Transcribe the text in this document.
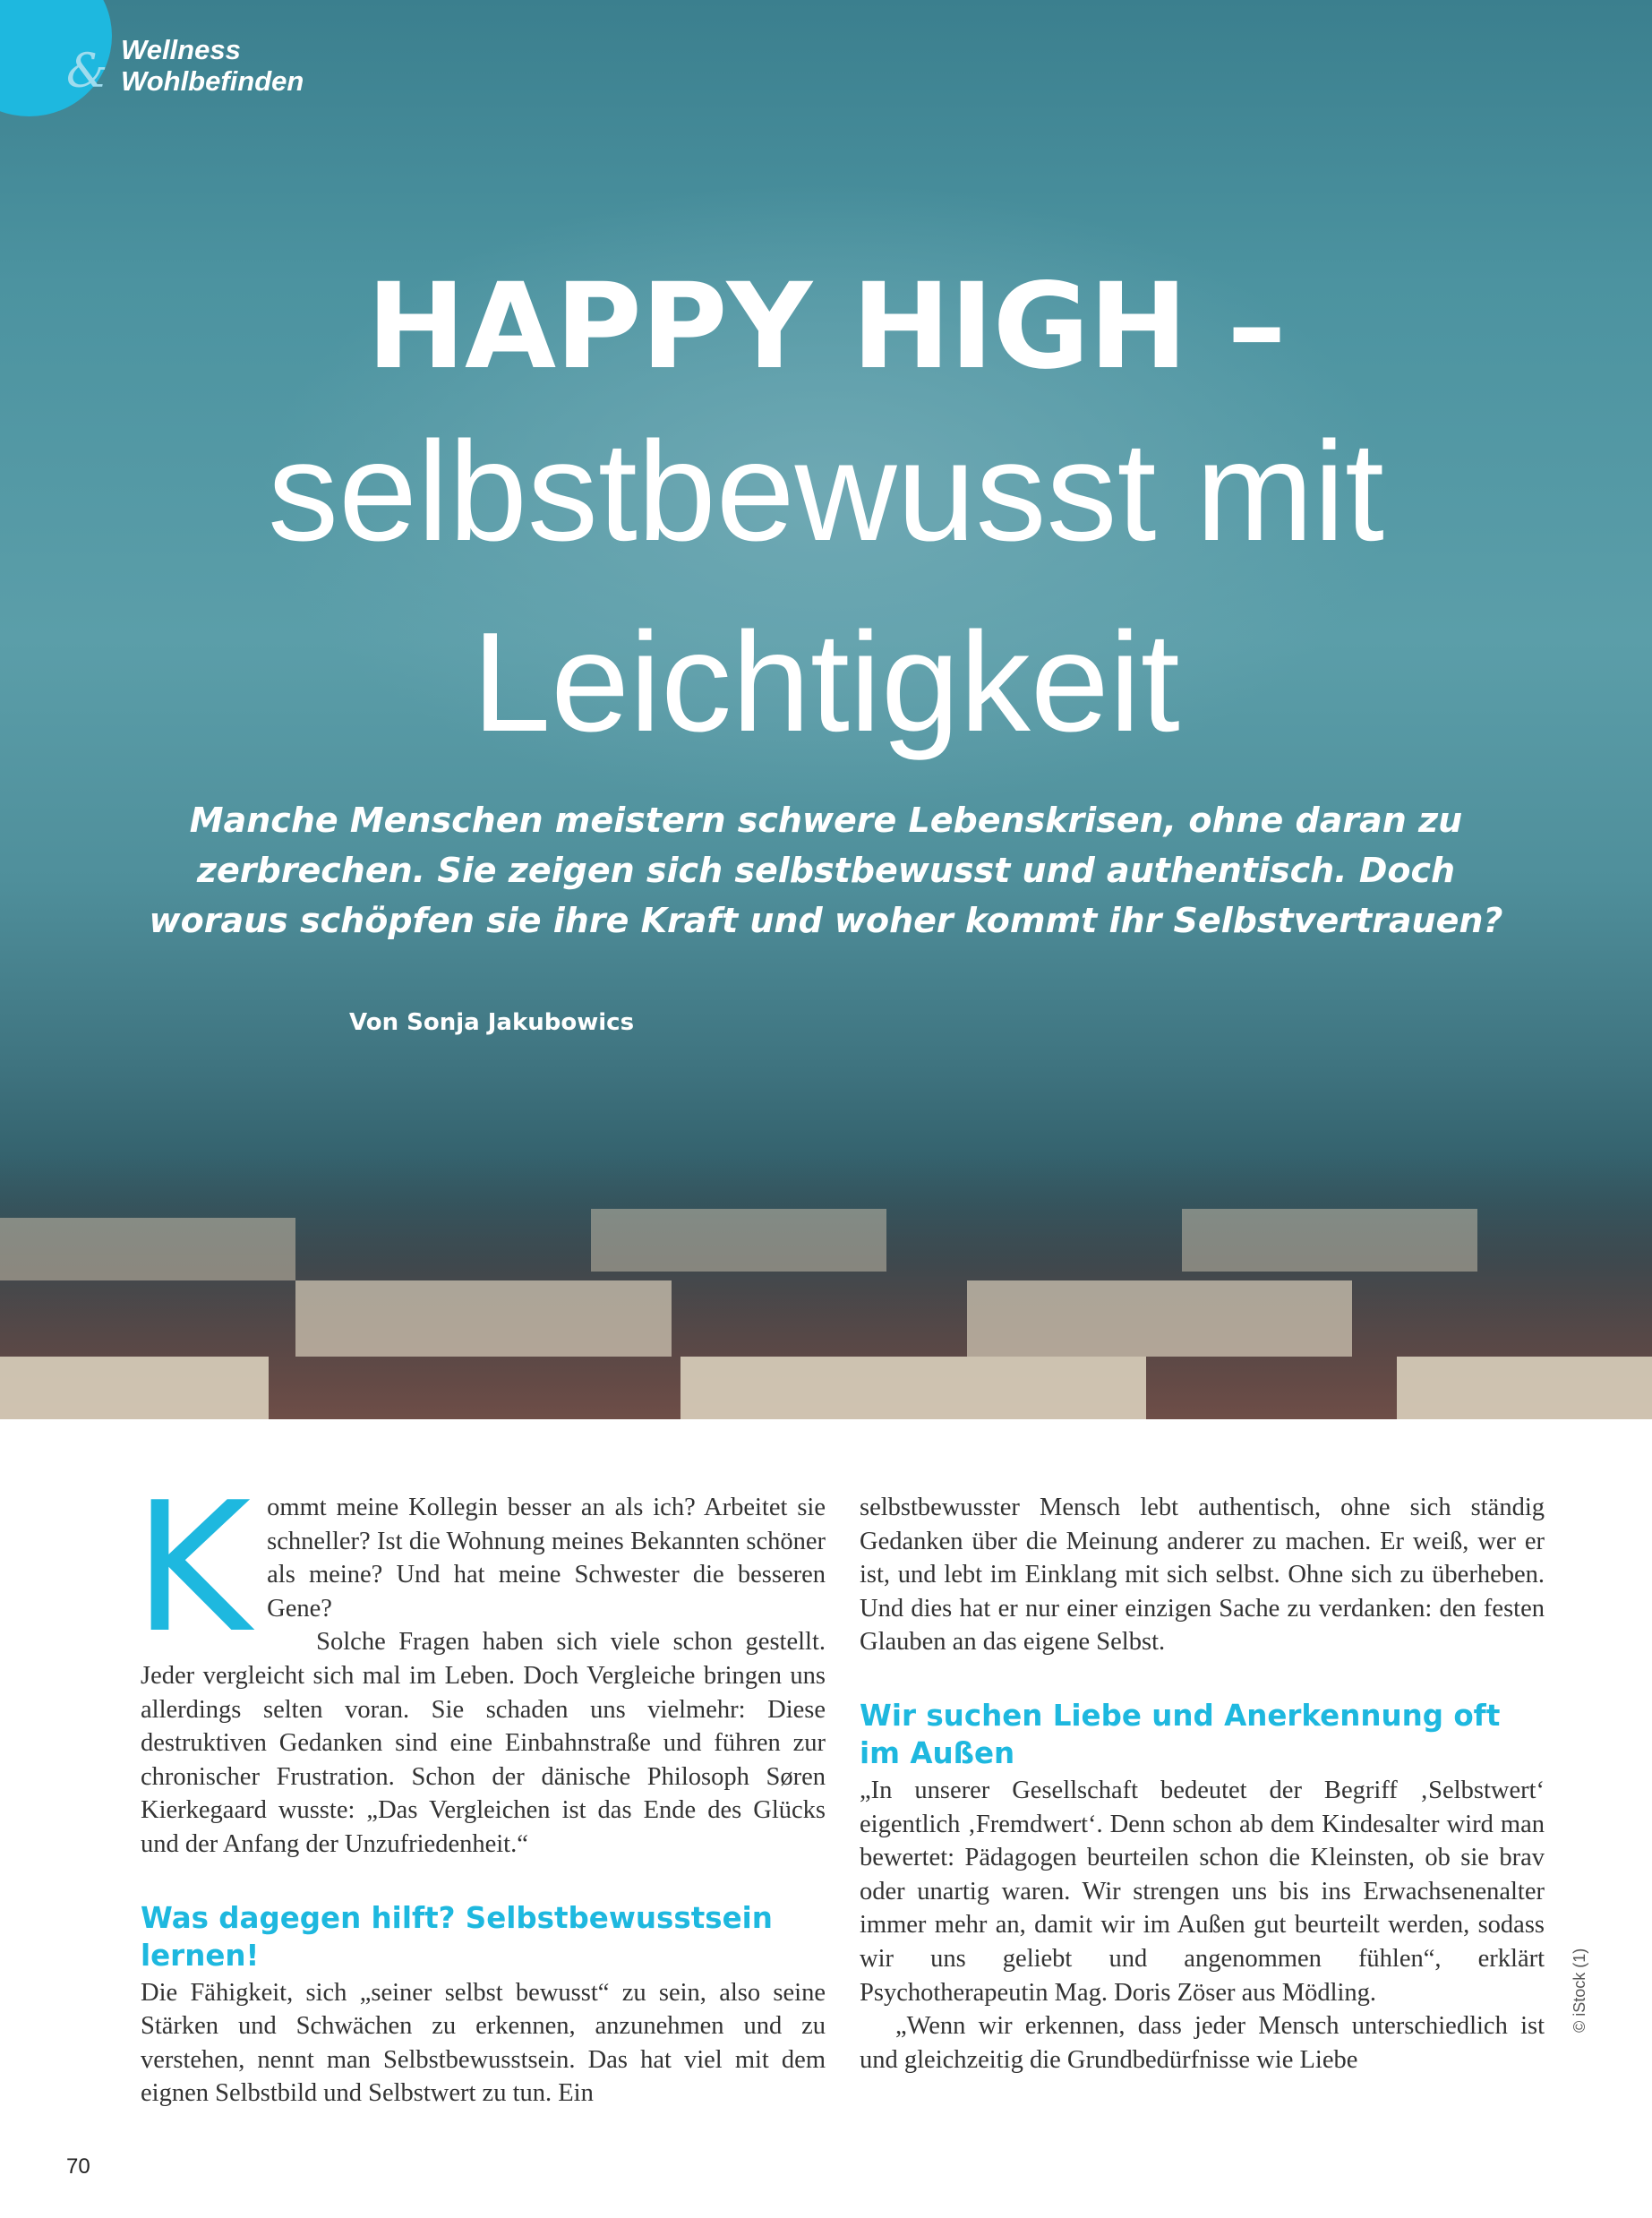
& Wellness
Wohlbefinden
HAPPY HIGH –
selbstbewusst mit
Leichtigkeit
Manche Menschen meistern schwere Lebenskrisen, ohne daran zu zerbrechen. Sie zeigen sich selbstbewusst und authentisch. Doch woraus schöpfen sie ihre Kraft und woher kommt ihr Selbstvertrauen?
Von Sonja Jakubowics

Kommt meine Kollegin besser an als ich? Arbeitet sie schneller? Ist die Wohnung meines Bekannten schöner als meine? Und hat meine Schwester die besseren Gene?

Solche Fragen haben sich viele schon gestellt. Jeder vergleicht sich mal im Leben. Doch Vergleiche bringen uns allerdings selten voran. Sie schaden uns vielmehr: Diese destruktiven Gedanken sind eine Einbahnstraße und führen zur chronischer Frustration. Schon der dänische Philosoph Søren Kierkegaard wusste: „Das Vergleichen ist das Ende des Glücks und der Anfang der Unzufriedenheit.“

Was dagegen hilft? Selbstbewusstsein lernen!

Die Fähigkeit, sich „seiner selbst bewusst“ zu sein, also seine Stärken und Schwächen zu erkennen, anzunehmen und zu verstehen, nennt man Selbstbewusstsein. Das hat viel mit dem eignen Selbstbild und Selbstwert zu tun. Ein

selbstbewusster Mensch lebt authentisch, ohne sich ständig Gedanken über die Meinung anderer zu machen. Er weiß, wer er ist, und lebt im Einklang mit sich selbst. Ohne sich zu überheben. Und dies hat er nur einer einzigen Sache zu verdanken: den festen Glauben an das eigene Selbst.

Wir suchen Liebe und Anerkennung oft im Außen

„In unserer Gesellschaft bedeutet der Begriff ‚Selbstwert‘ eigentlich ‚Fremdwert‘. Denn schon ab dem Kindesalter wird man bewertet: Pädagogen beurteilen schon die Kleinsten, ob sie brav oder unartig waren. Wir strengen uns bis ins Erwachsenenalter immer mehr an, damit wir im Außen gut beurteilt werden, sodass wir uns geliebt und angenommen fühlen“, erklärt Psychotherapeutin Mag. Doris Zöser aus Mödling.

„Wenn wir erkennen, dass jeder Mensch unterschiedlich ist und gleichzeitig die Grundbedürfnisse wie Liebe

© iStock (1)
70
